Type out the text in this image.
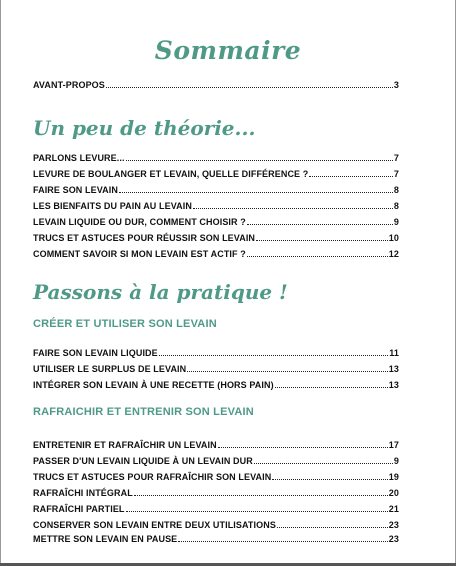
Sommaire
AVANT-PROPOS	3
Un peu de théorie...
PARLONS LEVURE...	7
LEVURE DE BOULANGER ET LEVAIN, QUELLE DIFFÉRENCE ?	7
FAIRE SON LEVAIN	8
LES BIENFAITS DU PAIN AU LEVAIN	8
LEVAIN LIQUIDE OU DUR, COMMENT CHOISIR ?	9
TRUCS ET ASTUCES POUR RÉUSSIR SON LEVAIN	10
COMMENT SAVOIR SI MON LEVAIN EST ACTIF ?	12
Passons à la pratique !
CRÉER ET UTILISER SON LEVAIN
FAIRE SON LEVAIN LIQUIDE	11
UTILISER LE SURPLUS DE LEVAIN	13
INTÉGRER SON LEVAIN À UNE RECETTE (HORS PAIN)	13
RAFRAICHIR ET ENTRENIR SON LEVAIN
ENTRETENIR ET RAFRAÎCHIR UN LEVAIN	17
PASSER D'UN LEVAIN LIQUIDE À UN LEVAIN DUR	9
TRUCS ET ASTUCES POUR RAFRAÎCHIR SON LEVAIN	19
RAFRAÎCHI INTÉGRAL	20
RAFRAÎCHI PARTIEL	21
CONSERVER SON LEVAIN ENTRE DEUX UTILISATIONS	23
METTRE SON LEVAIN EN PAUSE	23
